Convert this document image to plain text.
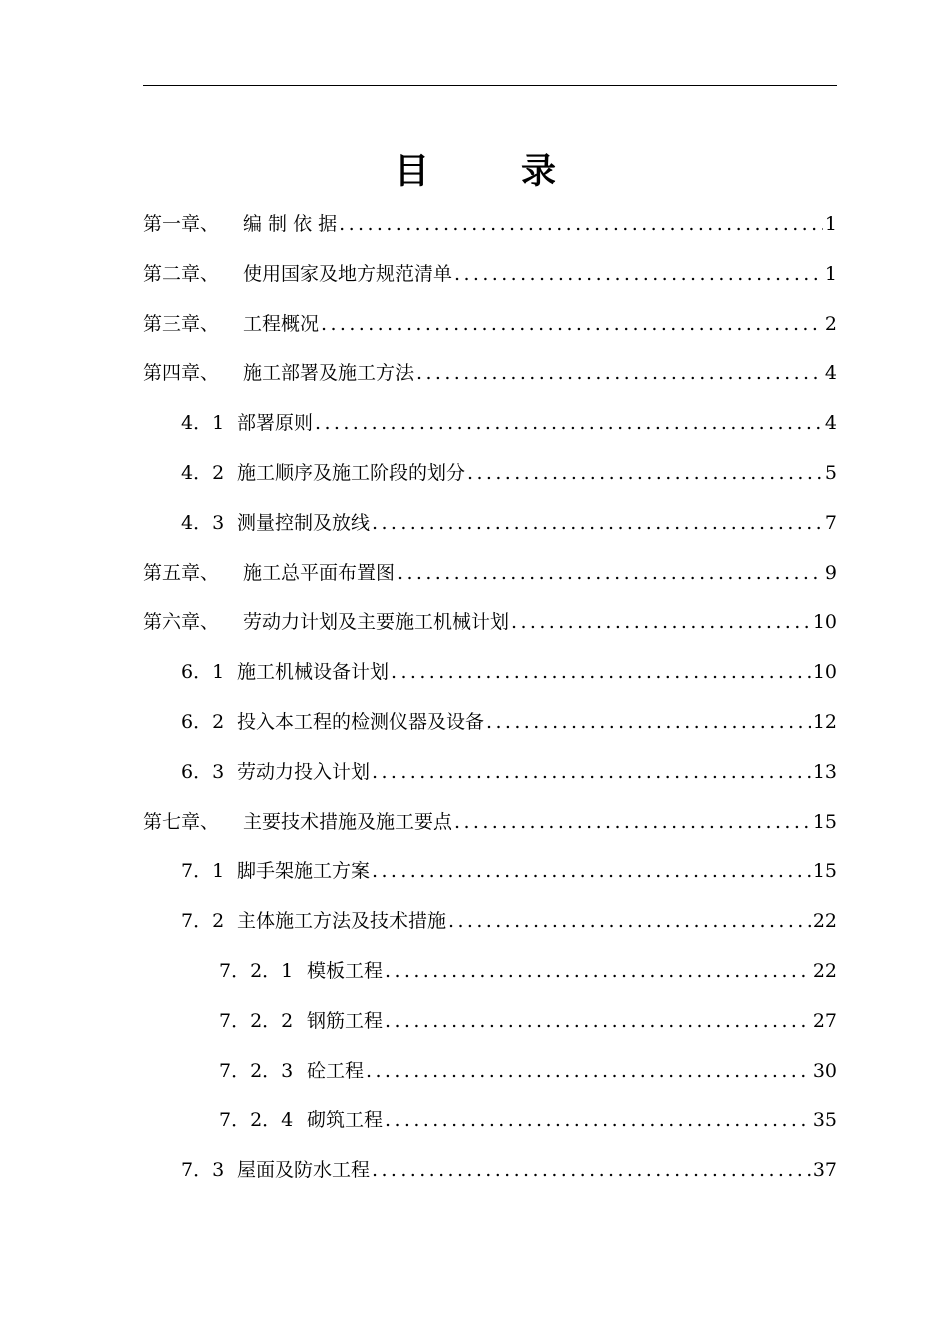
目	录
第一章、 编 制 依 据 .....	1
第二章、 使用国家及地方规范清单 .....	1
第三章、 工程概况 .....	2
第四章、 施工部署及施工方法 .....	4
4．1 部署原则 .....	4
4．2 施工顺序及施工阶段的划分 .....	5
4．3 测量控制及放线 .....	7
第五章、 施工总平面布置图 .....	9
第六章、 劳动力计划及主要施工机械计划 .....	10
6．1 施工机械设备计划 .....	10
6．2 投入本工程的检测仪器及设备 .....	12
6．3 劳动力投入计划 .....	13
第七章、 主要技术措施及施工要点 .....	15
7．1 脚手架施工方案 .....	15
7．2 主体施工方法及技术措施 .....	22
7．2．1 模板工程 .....	22
7．2．2 钢筋工程 .....	27
7．2．3 砼工程 .....	30
7．2．4 砌筑工程 .....	35
7．3 屋面及防水工程 .....	37
